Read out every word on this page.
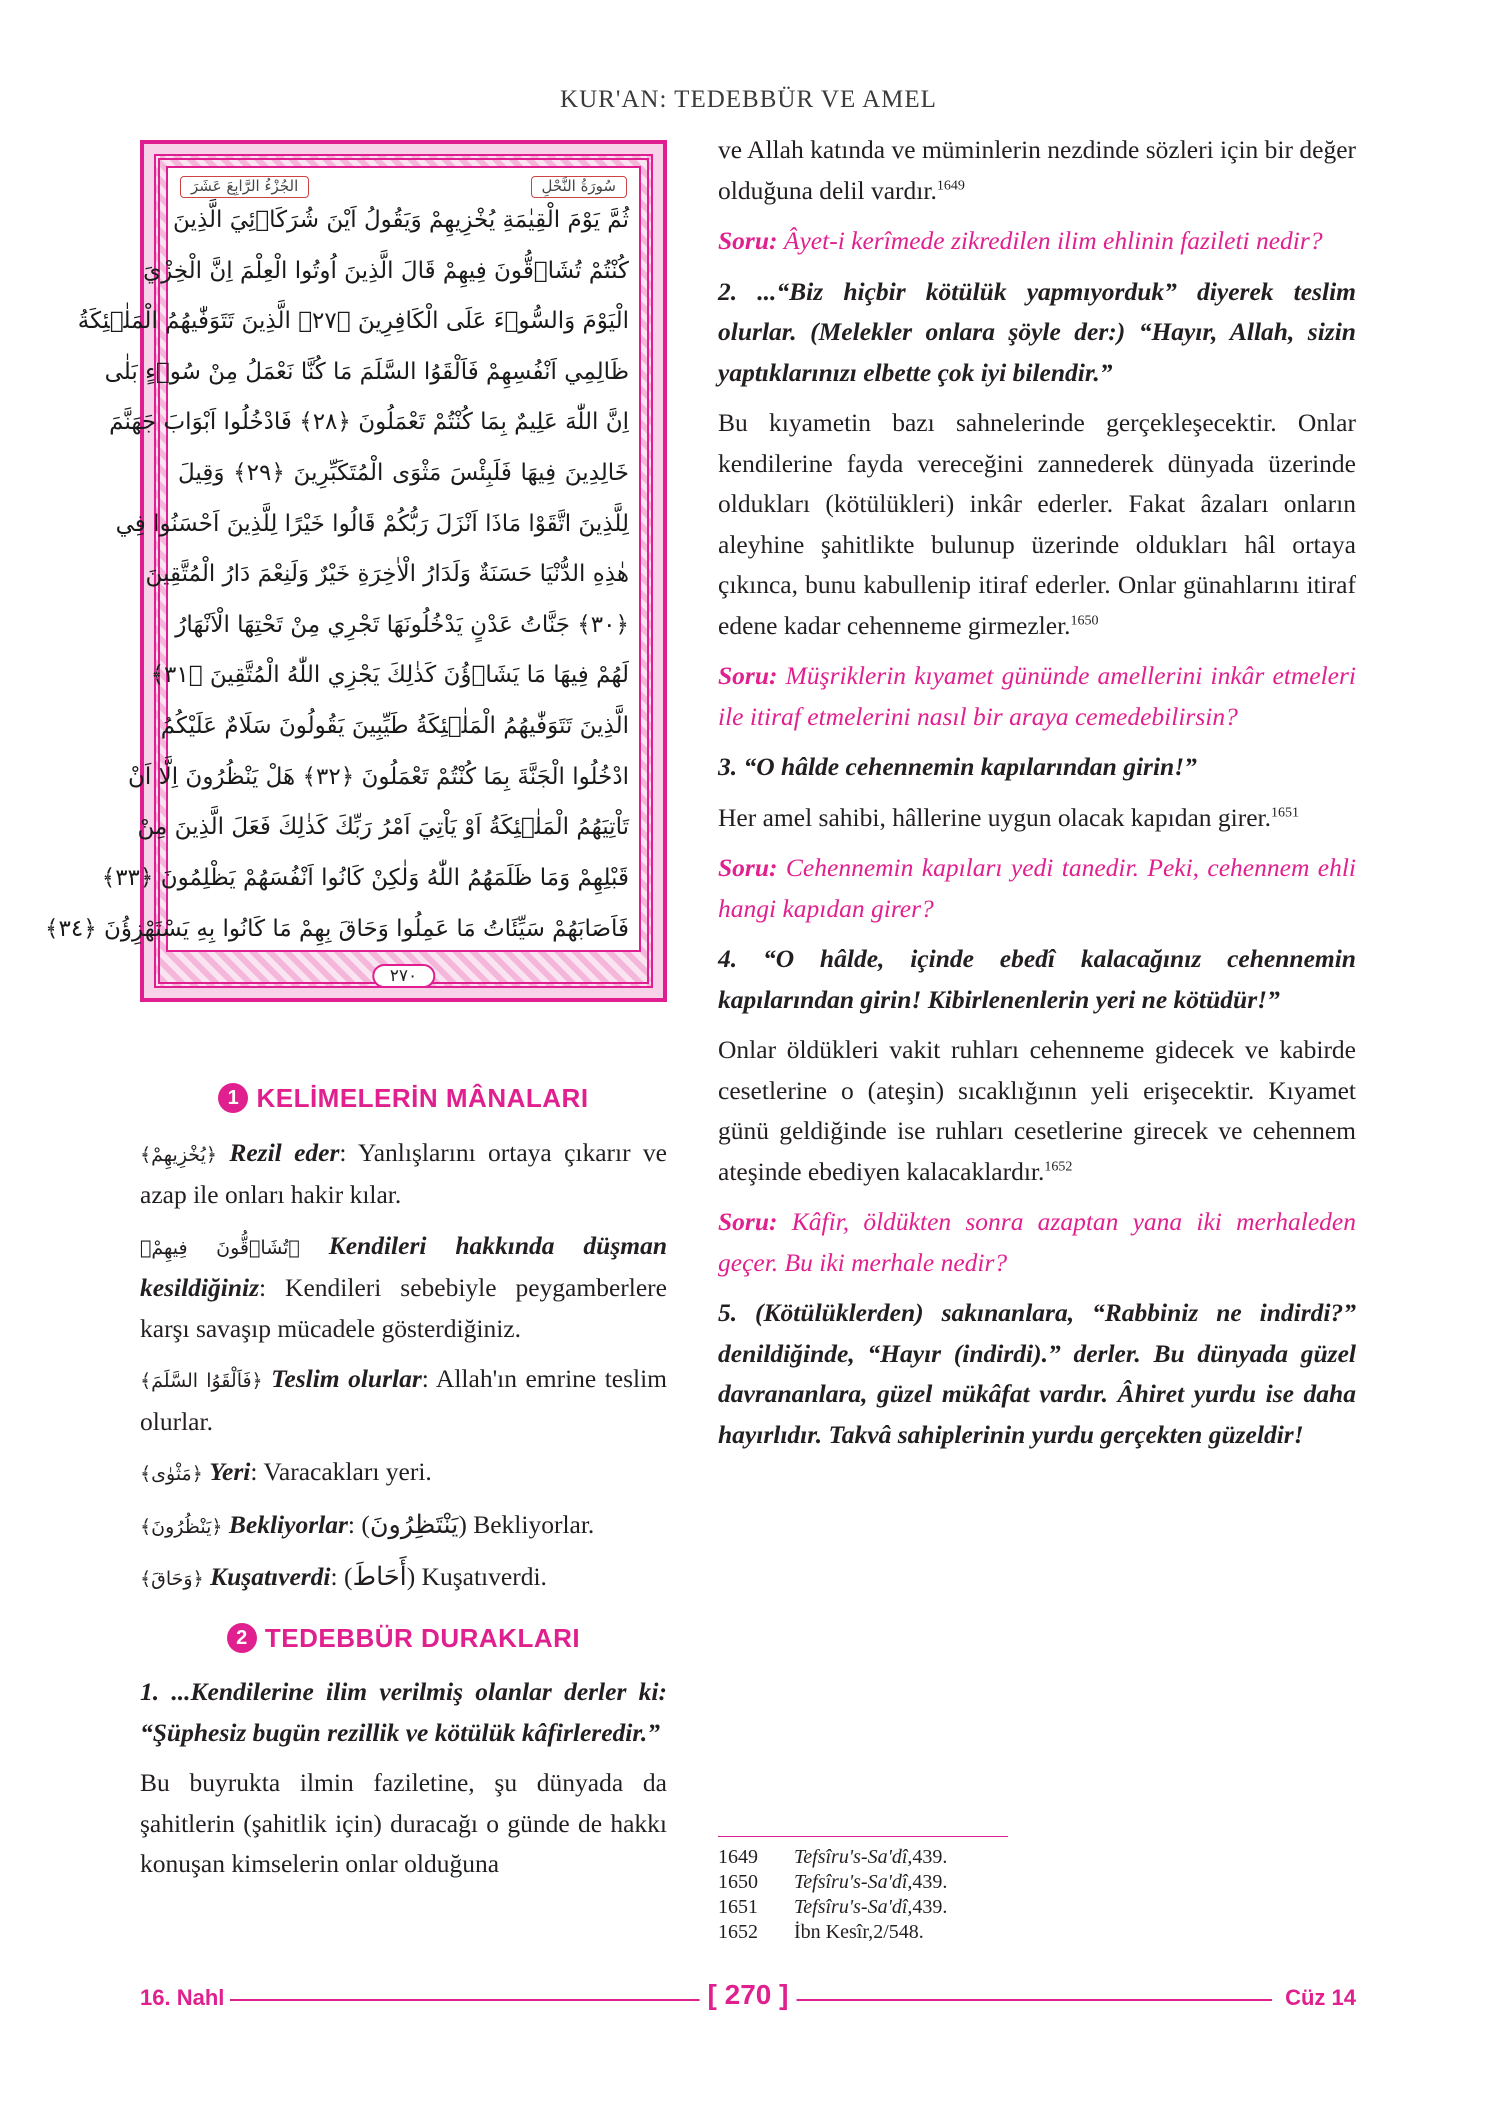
KUR'AN: TEDEBBÜR VE AMEL
سُورَةُ النَّحْلِ
الجُزْءُ الرَّابِعَ عَشَرَ
ثُمَّ يَوْمَ الْقِيٰمَةِ يُخْزِيهِمْ وَيَقُولُ اَيْنَ شُرَكَاۤئِيَ الَّذِينَ
كُنْتُمْ تُشَاۤقُّونَ فِيهِمْ قَالَ الَّذِينَ اُوتُوا الْعِلْمَ اِنَّ الْخِزْيَ
الْيَوْمَ وَالسُّوۤءَ عَلَى الْكَافِرِينَ ﴿٢٧﴾ الَّذِينَ تَتَوَفّٰيهُمُ الْمَلٰۤئِكَةُ
ظَالِمِي اَنْفُسِهِمْ فَاَلْقَوُا السَّلَمَ مَا كُنَّا نَعْمَلُ مِنْ سُوۤءٍ بَلٰى
اِنَّ اللّٰهَ عَلِيمٌ بِمَا كُنْتُمْ تَعْمَلُونَ ﴿٢٨﴾ فَادْخُلُوا اَبْوَابَ جَهَنَّمَ
خَالِدِينَ فِيهَا فَلَبِئْسَ مَثْوَى الْمُتَكَبِّرِينَ ﴿٢٩﴾ وَقِيلَ
لِلَّذِينَ اتَّقَوْا مَاذَا اَنْزَلَ رَبُّكُمْ قَالُوا خَيْرًا لِلَّذِينَ اَحْسَنُوا فِي
هٰذِهِ الدُّنْيَا حَسَنَةٌ وَلَدَارُ الْاٰخِرَةِ خَيْرٌ وَلَنِعْمَ دَارُ الْمُتَّقِينَ
﴿٣٠﴾ جَنَّاتُ عَدْنٍ يَدْخُلُونَهَا تَجْرِي مِنْ تَحْتِهَا الْاَنْهَارُ
لَهُمْ فِيهَا مَا يَشَاۤؤُنَ كَذٰلِكَ يَجْزِي اللّٰهُ الْمُتَّقِينَ ﴿٣١﴾
الَّذِينَ تَتَوَفّٰيهُمُ الْمَلٰۤئِكَةُ طَيِّبِينَ يَقُولُونَ سَلَامٌ عَلَيْكُمُ
ادْخُلُوا الْجَنَّةَ بِمَا كُنْتُمْ تَعْمَلُونَ ﴿٣٢﴾ هَلْ يَنْظُرُونَ اِلَّا اَنْ
تَاْتِيَهُمُ الْمَلٰۤئِكَةُ اَوْ يَاْتِيَ اَمْرُ رَبِّكَ كَذٰلِكَ فَعَلَ الَّذِينَ مِنْ
قَبْلِهِمْ وَمَا ظَلَمَهُمُ اللّٰهُ وَلٰكِنْ كَانُوا اَنْفُسَهُمْ يَظْلِمُونَ ﴿٣٣﴾
فَاَصَابَهُمْ سَيِّئَاتُ مَا عَمِلُوا وَحَاقَ بِهِمْ مَا كَانُوا بِهِ يَسْتَهْزِؤُنَ ﴿٣٤﴾
٢٧٠
1 KELİMELERİN MÂNALARI

﴿يُخْزِيهِمْ﴾ Rezil eder: Yanlışlarını ortaya çıkarır ve azap ile onları hakir kılar.

﴿تُشَاۤقُّونَ فِيهِمْ﴾ Kendileri hakkında düşman kesildiğiniz: Kendileri sebebiyle peygamberlere karşı savaşıp mücadele gösterdiğiniz.

﴿فَاَلْقَوُا السَّلَمَ﴾ Teslim olurlar: Allah'ın emrine teslim olurlar.

﴿مَثْوٰى﴾ Yeri: Varacakları yeri.

﴿يَنْظُرُونَ﴾ Bekliyorlar: (يَنْتَظِرُونَ) Bekliyorlar.

﴿وَحَاقَ﴾ Kuşatıverdi: (أَحَاطَ) Kuşatıverdi.

2 TEDEBBÜR DURAKLARI

1. ...Kendilerine ilim verilmiş olanlar derler ki: “Şüphesiz bugün rezillik ve kötülük kâfirleredir.”

Bu buyrukta ilmin faziletine, şu dünyada da şahitlerin (şahitlik için) duracağı o günde de hakkı konuşan kimselerin onlar olduğuna

ve Allah katında ve müminlerin nezdinde sözleri için bir değer olduğuna delil vardır.$^{1649}$

Soru: Âyet-i kerîmede zikredilen ilim ehlinin fazileti nedir?

2. ...“Biz hiçbir kötülük yapmıyorduk” diyerek teslim olurlar. (Melekler onlara şöyle der:) “Hayır, Allah, sizin yaptıklarınızı elbette çok iyi bilendir.”

Bu kıyametin bazı sahnelerinde gerçekleşecektir. Onlar kendilerine fayda vereceğini zannederek dünyada üzerinde oldukları (kötülükleri) inkâr ederler. Fakat âzaları onların aleyhine şahitlikte bulunup üzerinde oldukları hâl ortaya çıkınca, bunu kabullenip itiraf ederler. Onlar günahlarını itiraf edene kadar cehenneme girmezler.$^{1650}$

Soru: Müşriklerin kıyamet gününde amellerini inkâr etmeleri ile itiraf etmelerini nasıl bir araya cemedebilirsin?

3. “O hâlde cehennemin kapılarından girin!”

Her amel sahibi, hâllerine uygun olacak kapıdan girer.$^{1651}$

Soru: Cehennemin kapıları yedi tanedir. Peki, cehennem ehli hangi kapıdan girer?

4. “O hâlde, içinde ebedî kalacağınız cehennemin kapılarından girin! Kibirlenenlerin yeri ne kötüdür!”

Onlar öldükleri vakit ruhları cehenneme gidecek ve kabirde cesetlerine o (ateşin) sıcaklığının yeli erişecektir. Kıyamet günü geldiğinde ise ruhları cesetlerine girecek ve cehennem ateşinde ebediyen kalacaklardır.$^{1652}$

Soru: Kâfir, öldükten sonra azaptan yana iki merhaleden geçer. Bu iki merhale nedir?

5. (Kötülüklerden) sakınanlara, “Rabbiniz ne indirdi?” denildiğinde, “Hayır (indirdi).” derler. Bu dünyada güzel davrananlara, güzel mükâfat vardır. Âhiret yurdu ise daha hayırlıdır. Takvâ sahiplerinin yurdu gerçekten güzeldir!

1649	Tefsîru's-Sa'dî, 439.
1650	Tefsîru's-Sa'dî, 439.
1651	Tefsîru's-Sa'dî, 439.
1652	İbn Kesîr, 2/548.
16. Nahl	[ 270 ]	Cüz 14
